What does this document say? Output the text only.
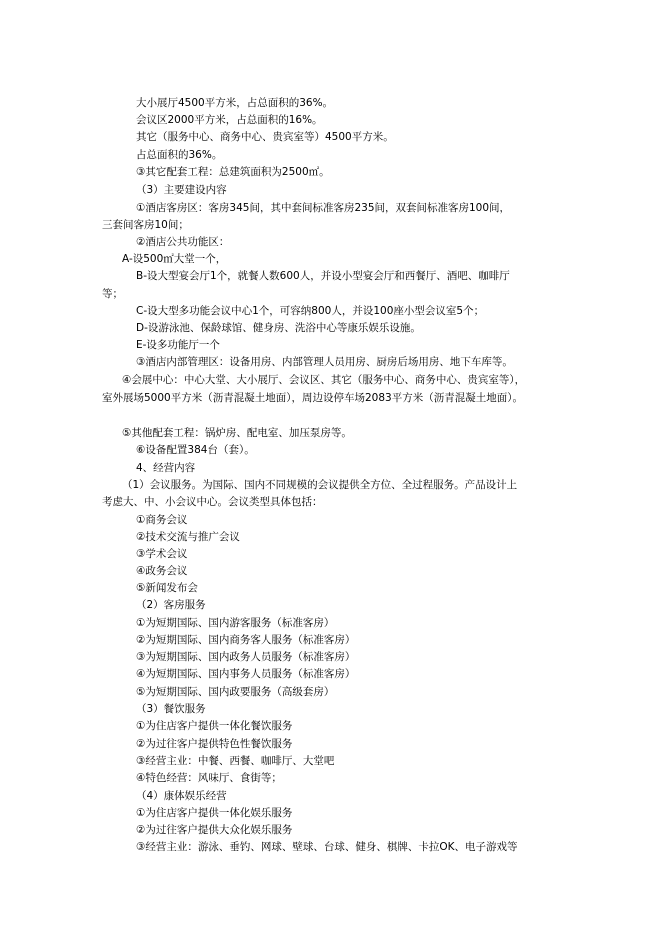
大小展厅4500平方米，占总面积的36%。
会议区2000平方米，占总面积的16%。
其它（服务中心、商务中心、贵宾室等）4500平方米。
占总面积的36%。
③其它配套工程：总建筑面积为2500㎡。
（3）主要建设内容
①酒店客房区：客房345间，其中套间标准客房235间，双套间标准客房100间，
三套间客房10间；
②酒店公共功能区：
A-设500㎡大堂一个，
B-设大型宴会厅1个，就餐人数600人，并设小型宴会厅和西餐厅、酒吧、咖啡厅
等；
C-设大型多功能会议中心1个，可容纳800人，并设100座小型会议室5个；
D-设游泳池、保龄球馆、健身房、洗浴中心等康乐娱乐设施。
E-设多功能厅一个
③酒店内部管理区：设备用房、内部管理人员用房、厨房后场用房、地下车库等。
④会展中心：中心大堂、大小展厅、会议区、其它（服务中心、商务中心、贵宾室等），
室外展场5000平方米（沥青混凝土地面），周边设停车场2083平方米（沥青混凝土地面）。
⑤其他配套工程：锅炉房、配电室、加压泵房等。
⑥设备配置384台（套）。
4、经营内容
（1）会议服务。为国际、国内不同规模的会议提供全方位、全过程服务。产品设计上
考虑大、中、小会议中心。会议类型具体包括：
①商务会议
②技术交流与推广会议
③学术会议
④政务会议
⑤新闻发布会
（2）客房服务
①为短期国际、国内游客服务（标准客房）
②为短期国际、国内商务客人服务（标准客房）
③为短期国际、国内政务人员服务（标准客房）
④为短期国际、国内事务人员服务（标准客房）
⑤为短期国际、国内政要服务（高级套房）
（3）餐饮服务
①为住店客户提供一体化餐饮服务
②为过往客户提供特色性餐饮服务
③经营主业：中餐、西餐、咖啡厅、大堂吧
④特色经营：风味厅、食街等；
（4）康体娱乐经营
①为住店客户提供一体化娱乐服务
②为过往客户提供大众化娱乐服务
③经营主业：游泳、垂钓、网球、壁球、台球、健身、棋牌、卡拉OK、电子游戏等
